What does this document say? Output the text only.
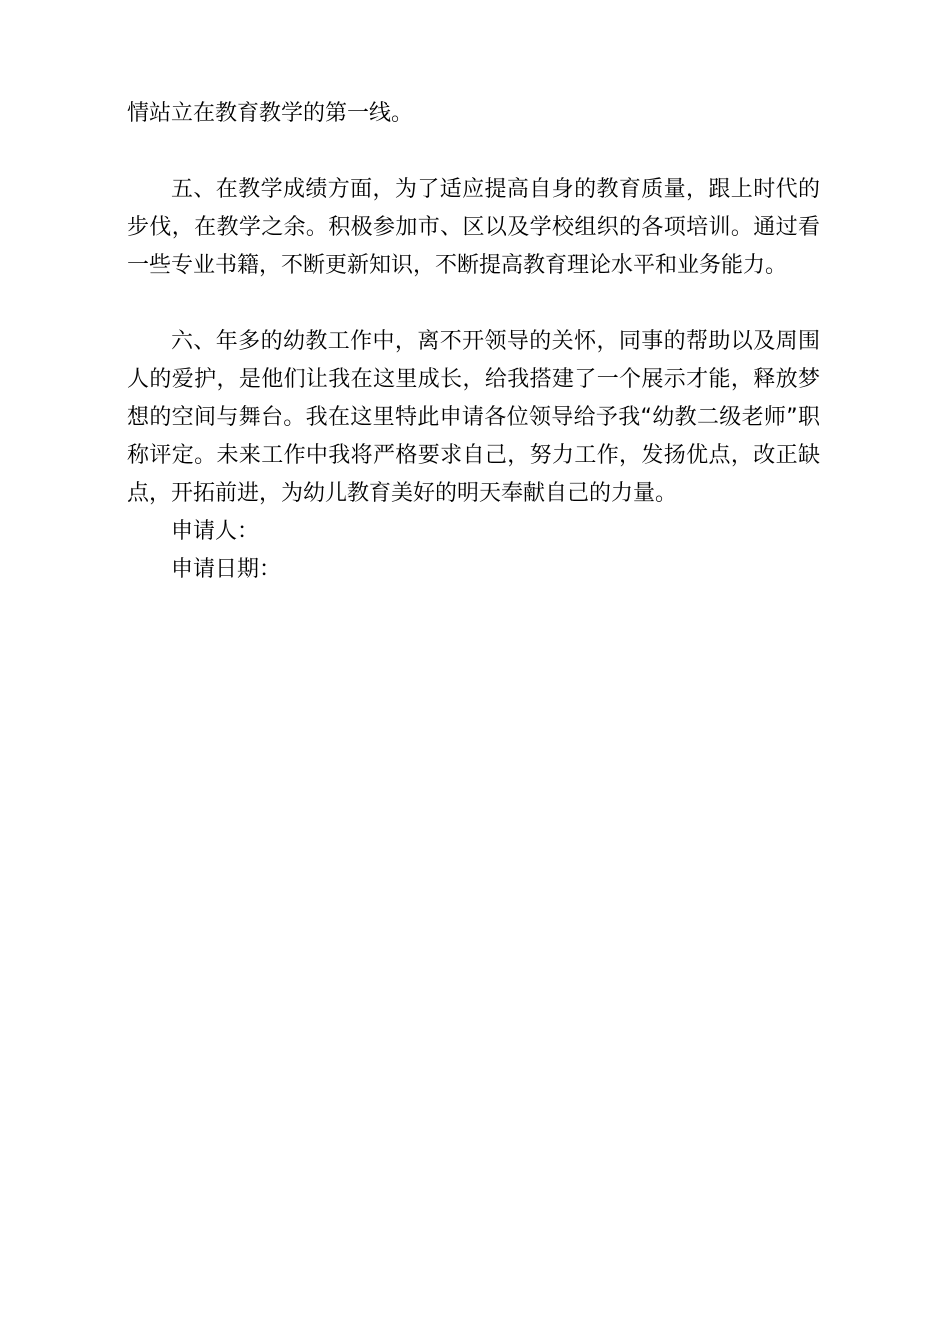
情站立在教育教学的第一线。

五、在教学成绩方面，为了适应提高自身的教育质量，跟上时代的步伐，在教学之余。积极参加市、区以及学校组织的各项培训。通过看一些专业书籍，不断更新知识，不断提高教育理论水平和业务能力。

六、年多的幼教工作中，离不开领导的关怀，同事的帮助以及周围人的爱护，是他们让我在这里成长，给我搭建了一个展示才能，释放梦想的空间与舞台。我在这里特此申请各位领导给予我“幼教二级老师”职称评定。未来工作中我将严格要求自己，努力工作，发扬优点，改正缺点，开拓前进，为幼儿教育美好的明天奉献自己的力量。

申请人：

申请日期：
